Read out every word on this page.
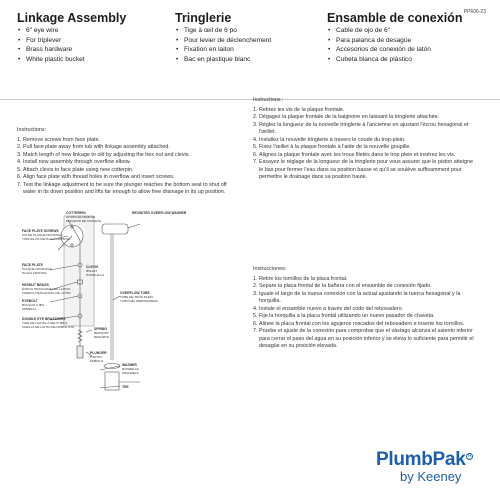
PP606-23
Linkage Assembly
• 6" eye wire
• For triplever
• Brass hardware
• White plastic bucket
Tringlerie
• Tige à œil de 6 po
• Pour levier de déclenchement
• Fixation en laiton
• Bac en plastique blanc
Ensamble de conexión
• Cable de ojo de 6"
• Para palanca de desagüe
• Accesorios de conexión de latón
• Cubeta blanca de plástico
Instructions:
1. Remove screws from face plate.
2. Pull face plate away from tub with linkage assembly attached.
3. Match length of new linkage to old by adjusting the hex nut and clevis.
4. Install new assembly through overflow elbow.
5. Attach clevis to face plate using new cotterpin.
6. Align face plate with thread holes in overflow and insert screws.
7. Test the linkage adjustment to be sure the plunger reaches the bottom seat to shut off water in its down position and lifts far enough to allow free drainage in its up position.
Instructions :
1. Retirez les vis de la plaque frontale.
2. Dégagez la plaque frontale de la baignoire en laissant la tringlerie attachée.
3. Réglez la longueur de la nouvelle tringlerie à l'ancienne en ajustant l'écrou hexagonal et l'œillet.
4. Installez la nouvelle tringlerie à travers le coude du trop-plein.
5. Fixez l'œillet à la plaque frontale à l'aide de la nouvelle goupille.
6. Alignez la plaque frontale avec les trous filetés dans le trop plein et insérez les vis.
7. Essayez le réglage de la longueur de la tringlerie pour vous assurer que le piston atteigne le bas pour fermer l'eau dans sa position basse et qu'il se soulève suffisamment pour permettre le drainage dans sa position haute.
Instrucciones:
1. Retire los tornillos de la placa frontal.
2. Separe la placa frontal de la bañera con el ensamble de conexión fijado.
3. Iguale el largo de la nueva conexión con la actual ajustando la tuerca hexagonal y la horquilla.
4. Instale el ensamble nuevo a través del codo del rebosadero.
5. Fije la horquilla a la placa frontal utilizando un nuevo pasador de chaveta.
6. Alinee la placa frontal con los agujeros roscados del rebosadero e inserte los tornillos.
7. Pruebe el ajuste de la conexión para comprobar que el vástago alcanza el asiento inferior para cerrar el paso del agua en su posición inferior y se eleva lo suficiente para permitir el desagüe en su posición elevada.
FACE PLATE SCREWS
VIS DE PLAQUE FRONTALE
TORNILLOS DE PLACA FRONTAL
COTTERPIN
GOUPILLE FENDUE
PASADOR DE CHAVETA
REVISITED OVERFLOW WASHER
FACE PLATE
PLAQUE FRONTALE
PLACA FRONTAL
CLEVIS
ŒILLET
HORQUILLA
HEXNUT BRASS
ÉCROU HEXAGONAL EN LAITON
TUERCA HEXAGONAL DE LATÓN
EYEBOLT
BOULON À ŒIL
ARMELLA
DOUBLE EYE BRASSWIRE
TIGE DE LAITON À DEUX ŒILS
VARILLA DE LATÓN DE DOBLE OJO
OVERFLOW TUBE
TUBE DE TROP-PLEIN
TUBO DEL REBOSADERO
SPRING
RESSORT
RESORTE
PLUNGER
PISTON
ÉMBOLO
WASHER
RONDELLE
ARANDELA
TEE
PlumbPak R
by Keeney
